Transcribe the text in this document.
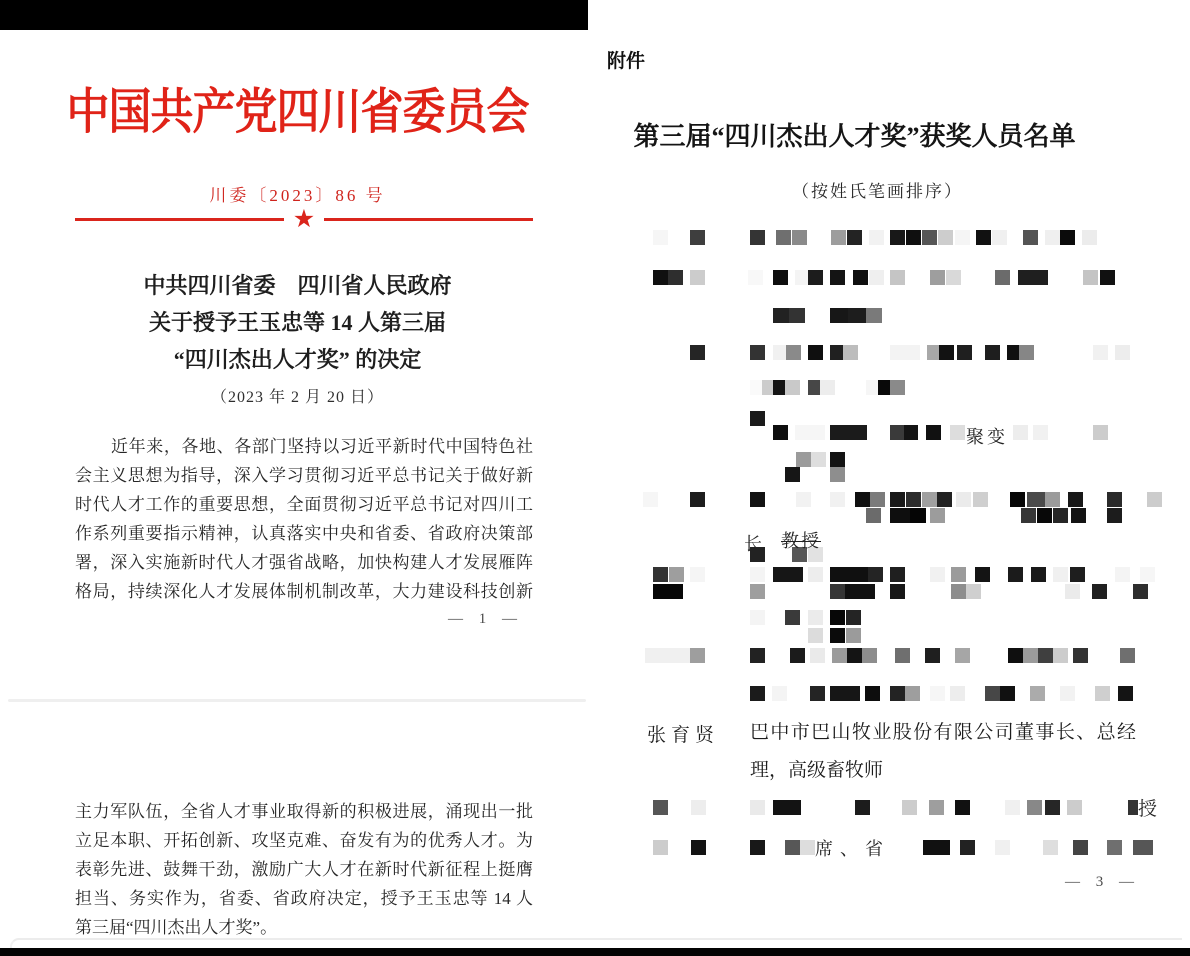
中国共产党四川省委员会
川委〔2023〕86 号
★
中共四川省委　四川省人民政府
关于授予王玉忠等 14 人第三届
“四川杰出人才奖” 的决定
（2023 年 2 月 20 日）
近年来，各地、各部门坚持以习近平新时代中国特色社
会主义思想为指导，深入学习贯彻习近平总书记关于做好新
时代人才工作的重要思想，全面贯彻习近平总书记对四川工
作系列重要指示精神，认真落实中央和省委、省政府决策部
署，深入实施新时代人才强省战略，加快构建人才发展雁阵
格局，持续深化人才发展体制机制改革，大力建设科技创新
— 1 —
主力军队伍，全省人才事业取得新的积极进展，涌现出一批
立足本职、开拓创新、攻坚克难、奋发有为的优秀人才。为
表彰先进、鼓舞干劲，激励广大人才在新时代新征程上挺膺
担当、务实作为，省委、省政府决定，授予王玉忠等 14 人
第三届“四川杰出人才奖”。
附件
第三届“四川杰出人才奖”获奖人员名单
（按姓氏笔画排序）
聚变
长 教授
授
席、省
张育贤 巴中市巴山牧业股份有限公司董事长、总经
理，高级畜牧师
— 3 —
